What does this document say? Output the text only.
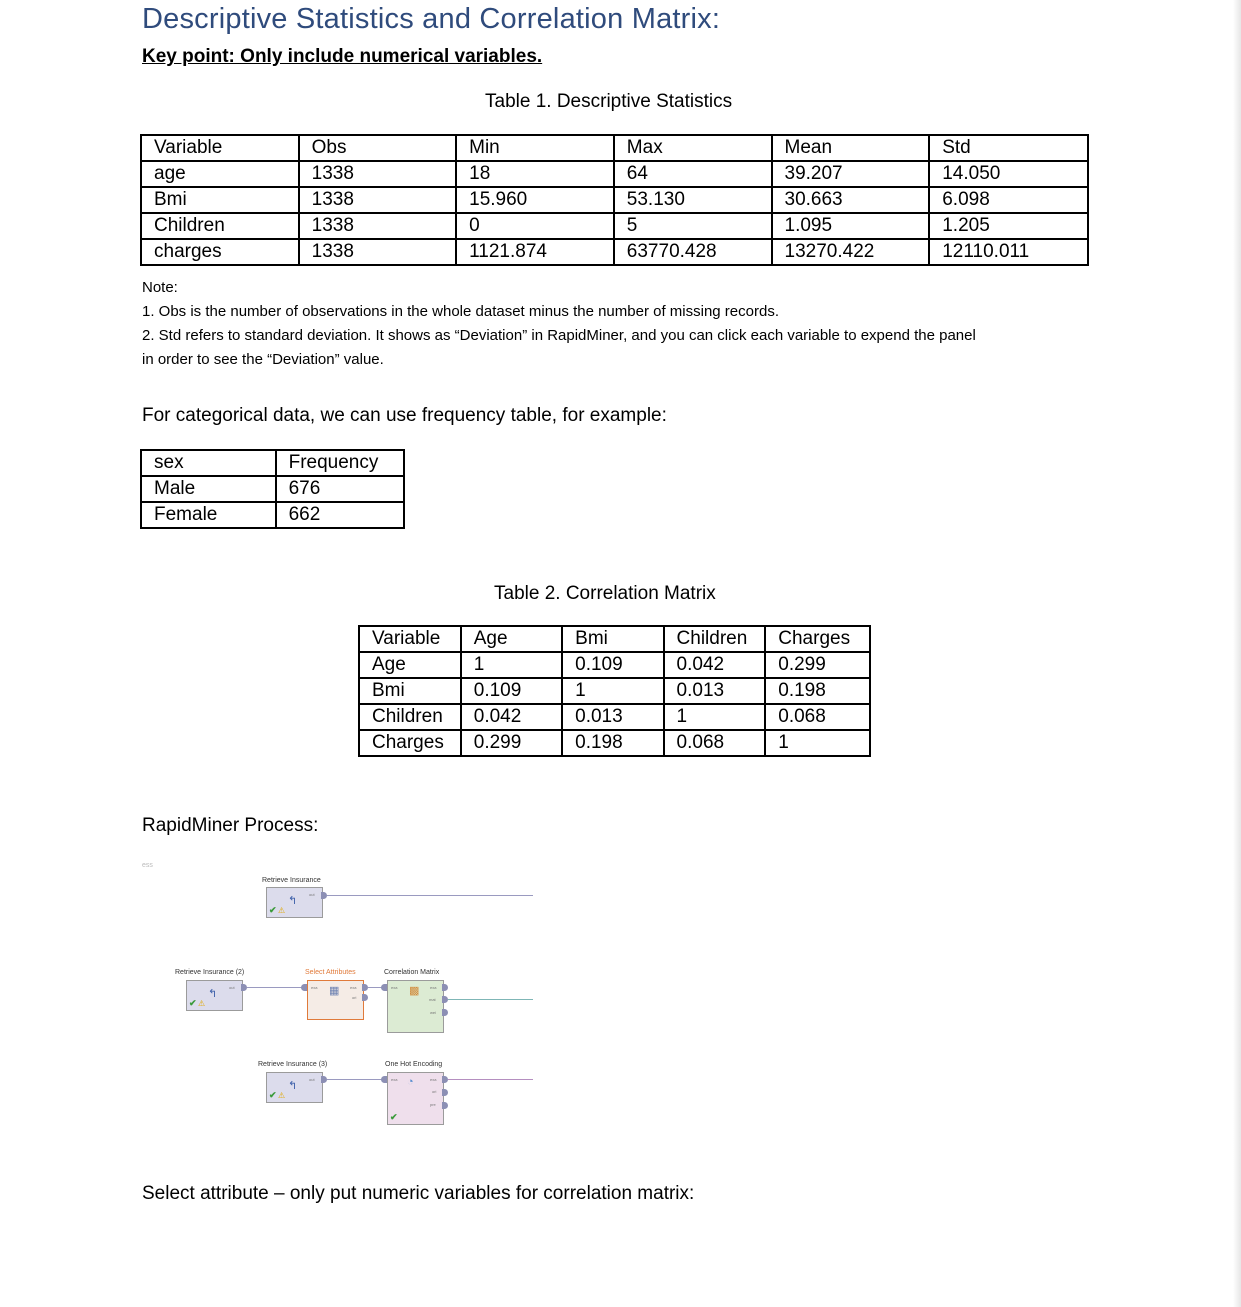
Descriptive Statistics and Correlation Matrix:
Key point: Only include numerical variables.
Table 1. Descriptive Statistics
Variable	Obs	Min	Max	Mean	Std
age	1338	18	64	39.207	14.050
Bmi	1338	15.960	53.130	30.663	6.098
Children	1338	0	5	1.095	1.205
charges	1338	1121.874	63770.428	13270.422	12110.011
Note:
1. Obs is the number of observations in the whole dataset minus the number of missing records.
2. Std refers to standard deviation. It shows as “Deviation” in RapidMiner, and you can click each variable to expend the panel
in order to see the “Deviation” value.
For categorical data, we can use frequency table, for example:
sex	Frequency
Male	676
Female	662
Table 2. Correlation Matrix
Variable	Age	Bmi	Children	Charges
Age	1	0.109	0.042	0.299
Bmi	0.109	1	0.013	0.198
Children	0.042	0.013	1	0.068
Charges	0.299	0.198	0.068	1
RapidMiner Process:
ess
Retrieve Insurance
↰
✔ ⚠
out
Retrieve Insurance (2)
↰
✔ ⚠
out
Select Attributes
▦
exa	exa
ori
Correlation Matrix
▩
exa	exa
mat
wei
Retrieve Insurance (3)
↰
✔ ⚠
out
One Hot Encoding
◔
exa	exa
ori
pre
✔
Select attribute – only put numeric variables for correlation matrix:
